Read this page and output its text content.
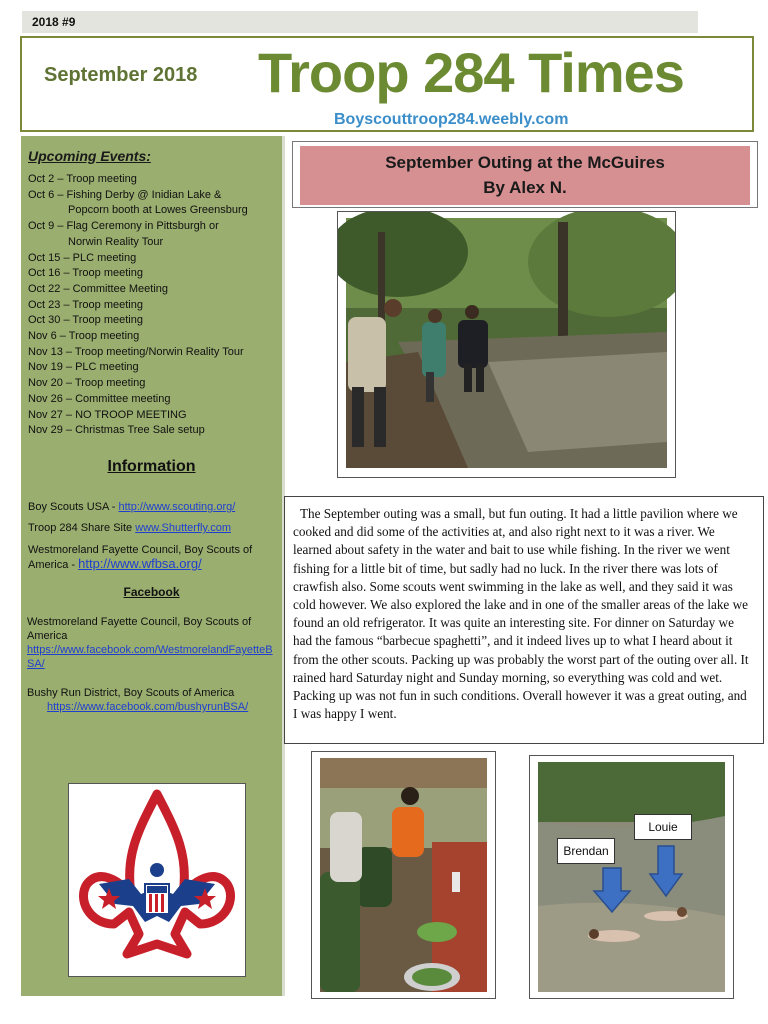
2018 #9
September 2018 Troop 284 Times
Boyscouttroop284.weebly.com
Upcoming Events:
Oct 2 – Troop meeting
Oct 6 – Fishing Derby @ Inidian Lake &
Popcorn booth at Lowes Greensburg
Oct 9 – Flag Ceremony in Pittsburgh or
Norwin Reality Tour
Oct 15 – PLC meeting
Oct 16 – Troop meeting
Oct 22 – Committee Meeting
Oct 23 – Troop meeting
Oct 30 – Troop meeting
Nov 6 – Troop meeting
Nov 13 – Troop meeting/Norwin Reality Tour
Nov 19 – PLC meeting
Nov 20 – Troop meeting
Nov 26 – Committee meeting
Nov 27 – NO TROOP MEETING
Nov 29 – Christmas Tree Sale setup
Information
Boy Scouts USA - http://www.scouting.org/
Troop 284 Share Site www.Shutterfly.com
Westmoreland Fayette Council, Boy Scouts of America - http://www.wfbsa.org/
Facebook
Westmoreland Fayette Council, Boy Scouts of America
https://www.facebook.com/WestmorelandFayetteBSA/
Bushy Run District, Boy Scouts of America
https://www.facebook.com/bushyrunBSA/
September Outing at the McGuires
By Alex N.

The September outing was a small, but fun outing. It had a little pavilion where we cooked and did some of the activities at, and also right next to it was a river. We learned about safety in the water and bait to use while fishing. In the river we went fishing for a little bit of time, but sadly had no luck. In the river there was lots of crawfish also. Some scouts went swimming in the lake as well, and they said it was cold however. We also explored the lake and in one of the smaller areas of the lake we found an old refrigerator. It was quite an interesting site. For dinner on Saturday we had the famous “barbecue spaghetti”, and it indeed lives up to what I heard about it from the other scouts. Packing up was probably the worst part of the outing over all. It rained hard Saturday night and Sunday morning, so everything was cold and wet. Packing up was not fun in such conditions. Overall however it was a great outing, and I was happy I went.

Brendan
Louie
